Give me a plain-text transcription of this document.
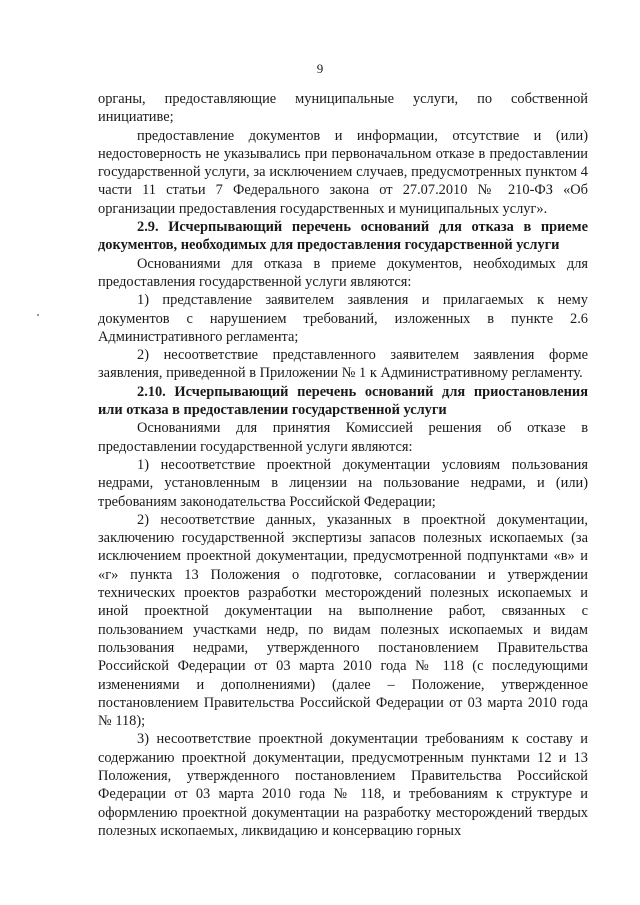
9

органы, предоставляющие муниципальные услуги, по собственной инициативе;

предоставление документов и информации, отсутствие и (или) недостоверность не указывались при первоначальном отказе в предоставлении государственной услуги, за исключением случаев, предусмотренных пунктом 4 части 11 статьи 7 Федерального закона от 27.07.2010 № 210-ФЗ «Об организации предоставления государственных и муниципальных услуг».

2.9. Исчерпывающий перечень оснований для отказа в приеме документов, необходимых для предоставления государственной услуги

Основаниями для отказа в приеме документов, необходимых для предоставления государственной услуги являются:

1) представление заявителем заявления и прилагаемых к нему документов с нарушением требований, изложенных в пункте 2.6 Административного регламента;

2) несоответствие представленного заявителем заявления форме заявления, приведенной в Приложении № 1 к Административному регламенту.

2.10. Исчерпывающий перечень оснований для приостановления или отказа в предоставлении государственной услуги

Основаниями для принятия Комиссией решения об отказе в предоставлении государственной услуги являются:

1) несоответствие проектной документации условиям пользования недрами, установленным в лицензии на пользование недрами, и (или) требованиям законодательства Российской Федерации;

2) несоответствие данных, указанных в проектной документации, заключению государственной экспертизы запасов полезных ископаемых (за исключением проектной документации, предусмотренной подпунктами «в» и «г» пункта 13 Положения о подготовке, согласовании и утверждении технических проектов разработки месторождений полезных ископаемых и иной проектной документации на выполнение работ, связанных с пользованием участками недр, по видам полезных ископаемых и видам пользования недрами, утвержденного постановлением Правительства Российской Федерации от 03 марта 2010 года № 118 (с последующими изменениями и дополнениями) (далее – Положение, утвержденное постановлением Правительства Российской Федерации от 03 марта 2010 года № 118);

3) несоответствие проектной документации требованиям к составу и содержанию проектной документации, предусмотренным пунктами 12 и 13 Положения, утвержденного постановлением Правительства Российской Федерации от 03 марта 2010 года № 118, и требованиям к структуре и оформлению проектной документации на разработку месторождений твердых полезных ископаемых, ликвидацию и консервацию горных
